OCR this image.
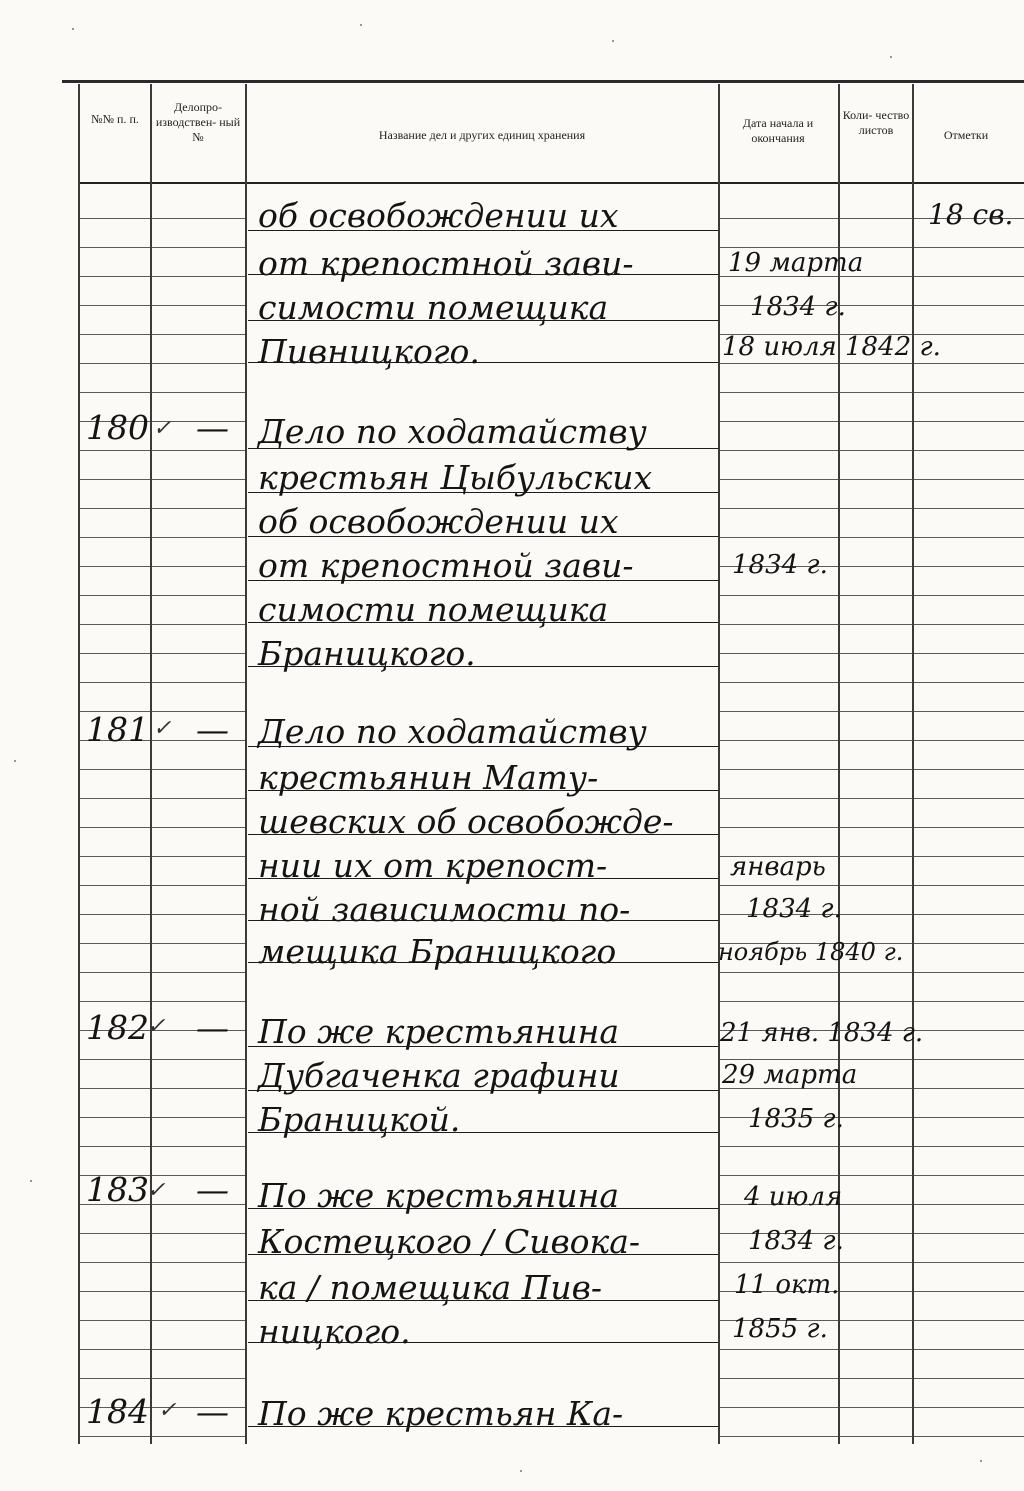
№№ п. п.
Делопро- изводствен- ный №	Название дел и других единиц хранения
Дата начала и окончания
Коли- чество листов	Отметки
18 св.
об освобождении их
от крепостной зави-
симости помещика
Пивницкого.
19 марта
1834 г.
18 июля 1842 г.
180 ✓ — Дело по ходатайству
крестьян Цыбульских
об освобождении их
от крепостной зави-
симости помещика
Браницкого.
1834 г.
181 ✓ — Дело по ходатайству
крестьянин Мату-
шевских об освобожде-
нии их от крепост-
ной зависимости по-
мещика Браницкого
январь
1834 г.
ноябрь 1840 г.
182
✓ — По же крестьянина
Дубгаченка графини
Браницкой.
21 янв. 1834 г.
29 марта
1835 г.
183
✓ — По же крестьянина
Костецкого / Сивока-
ка / помещика Пив-
ницкого.
4 июля
1834 г.
11 окт.
1855 г.
184 ✓ — По же крестьян Ка-
